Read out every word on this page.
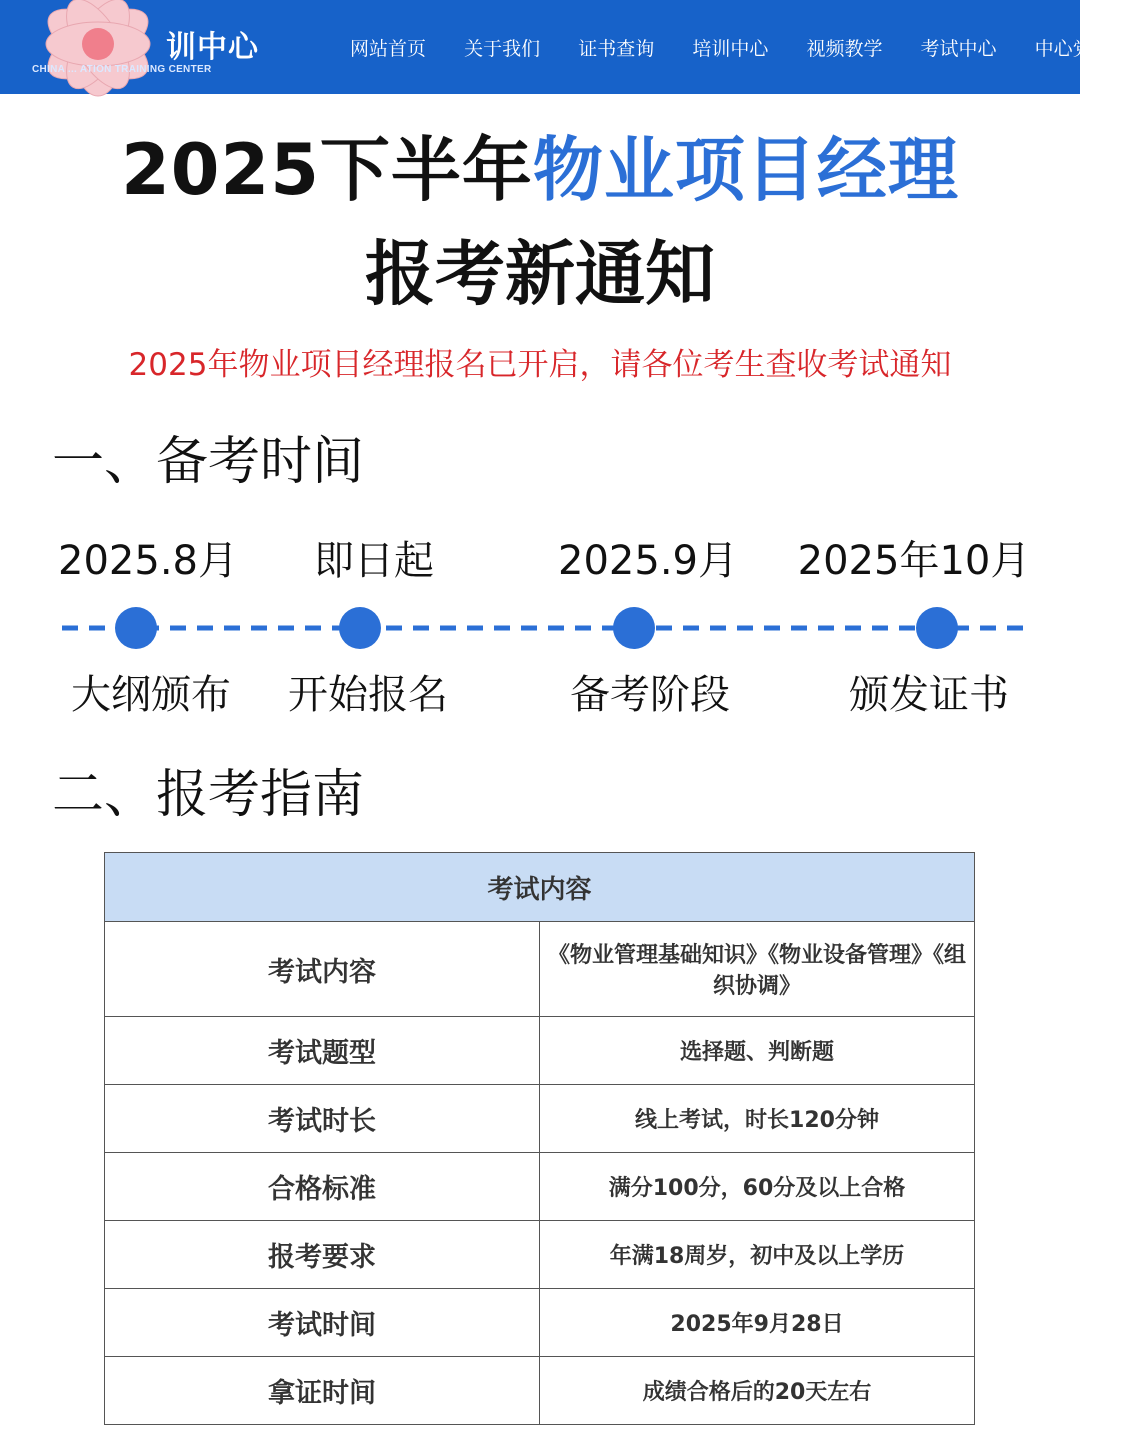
训中心
CHINA ... ATION TRAINING CENTER
网站首页 关于我们 证书查询 培训中心 视频教学 考试中心 中心党建
2025下半年物业项目经理
报考新通知
2025年物业项目经理报名已开启，请各位考生查收考试通知
一、备考时间
2025.8月 即日起	2025.9月 2025年10月
大纲颁布 开始报名	备考阶段	颁发证书
二、报考指南
考试内容	
考试内容	《物业管理基础知识》《物业设备管理》《组织协调》
考试题型	选择题、判断题
考试时长	线上考试，时长120分钟
合格标准	满分100分，60分及以上合格
报考要求	年满18周岁，初中及以上学历
考试时间	2025年9月28日
拿证时间	成绩合格后的20天左右
